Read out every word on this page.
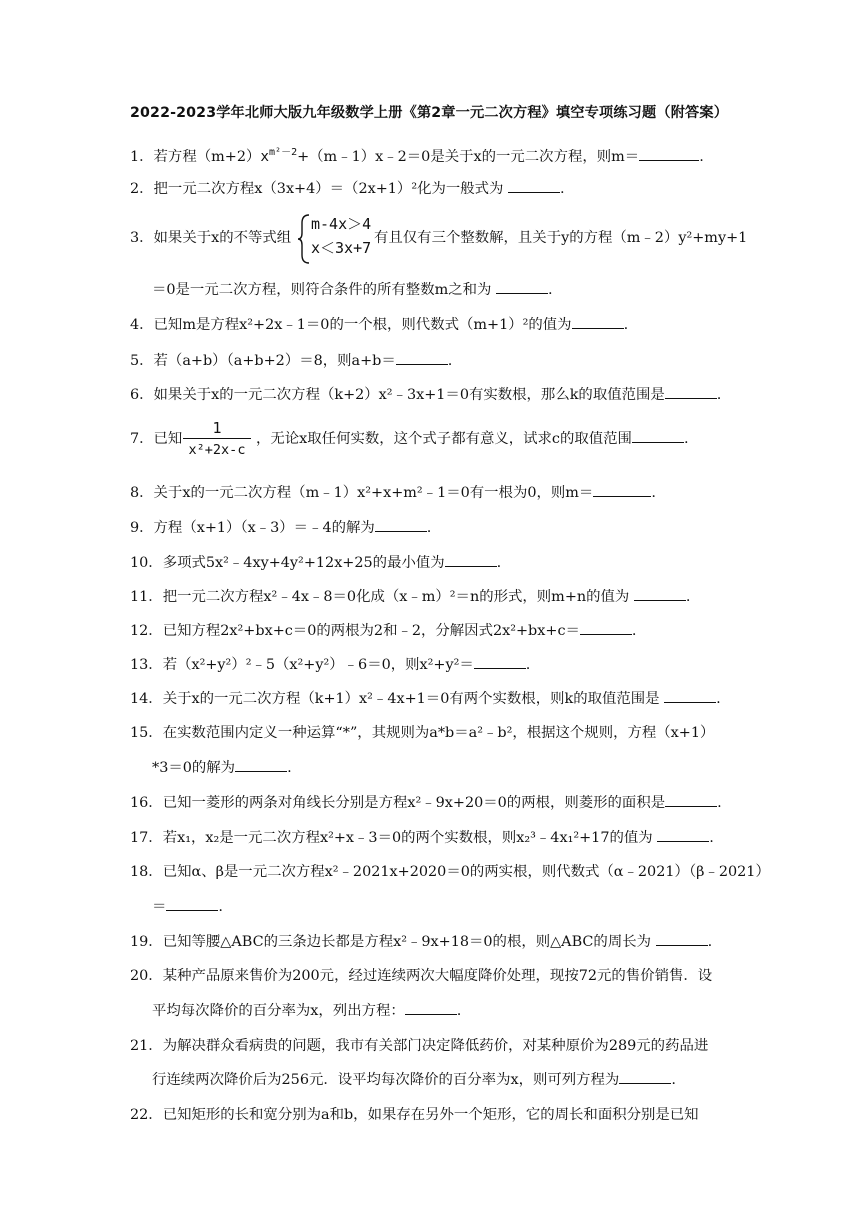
2022-2023学年北师大版九年级数学上册《第2章一元二次方程》填空专项练习题（附答案）
1．若方程$(m+2)x^{m^2-2}+(m﹣1)x﹣2=0$是关于x的一元二次方程，则m＝	.
2．把一元二次方程x（3x+4）＝（2x+1）²化为一般式为	.
3．如果关于x的不等式组
m-4x＞4
x＜3x+7
有且仅有三个整数解，且关于y的方程（m﹣2）y²+my+1
＝0是一元二次方程，则符合条件的所有整数m之和为	.
4．已知m是方程x²+2x﹣1＝0的一个根，则代数式（m+1）²的值为	.
5．若（a+b）（a+b+2）＝8，则a+b＝	.
6．如果关于x的一元二次方程（k+2）x²﹣3x+1＝0有实数根，那么k的取值范围是	.
7．已知
1
x²+2x-c
，无论x取任何实数，这个式子都有意义，试求c的取值范围	.
8．关于x的一元二次方程（m﹣1）x²+x+m²﹣1＝0有一根为0，则m＝	.
9．方程（x+1）（x﹣3）＝﹣4的解为	.
10．多项式5x²﹣4xy+4y²+12x+25的最小值为	.
11．把一元二次方程x²﹣4x﹣8＝0化成（x﹣m）²＝n的形式，则m+n的值为	.
12．已知方程2x²+bx+c＝0的两根为2和﹣2，分解因式2x²+bx+c＝	.
13．若（x²+y²）²﹣5（x²+y²）﹣6＝0，则x²+y²＝	.
14．关于x的一元二次方程（k+1）x²﹣4x+1＝0有两个实数根，则k的取值范围是	.
15．在实数范围内定义一种运算“*”，其规则为a*b＝a²﹣b²，根据这个规则，方程（x+1）
*3＝0的解为	.
16．已知一菱形的两条对角线长分别是方程x²﹣9x+20＝0的两根，则菱形的面积是	.
17．若x₁，x₂是一元二次方程x²+x﹣3＝0的两个实数根，则x₂³﹣4x₁²+17的值为	.
18．已知α、β是一元二次方程x²﹣2021x+2020＝0的两实根，则代数式（α﹣2021）（β﹣2021）
＝	.
19．已知等腰△ABC的三条边长都是方程x²﹣9x+18＝0的根，则△ABC的周长为	.
20．某种产品原来售价为200元，经过连续两次大幅度降价处理，现按72元的售价销售．设
平均每次降价的百分率为x，列出方程：	.
21．为解决群众看病贵的问题，我市有关部门决定降低药价，对某种原价为289元的药品进
行连续两次降价后为256元．设平均每次降价的百分率为x，则可列方程为	.
22．已知矩形的长和宽分别为a和b，如果存在另外一个矩形，它的周长和面积分别是已知
